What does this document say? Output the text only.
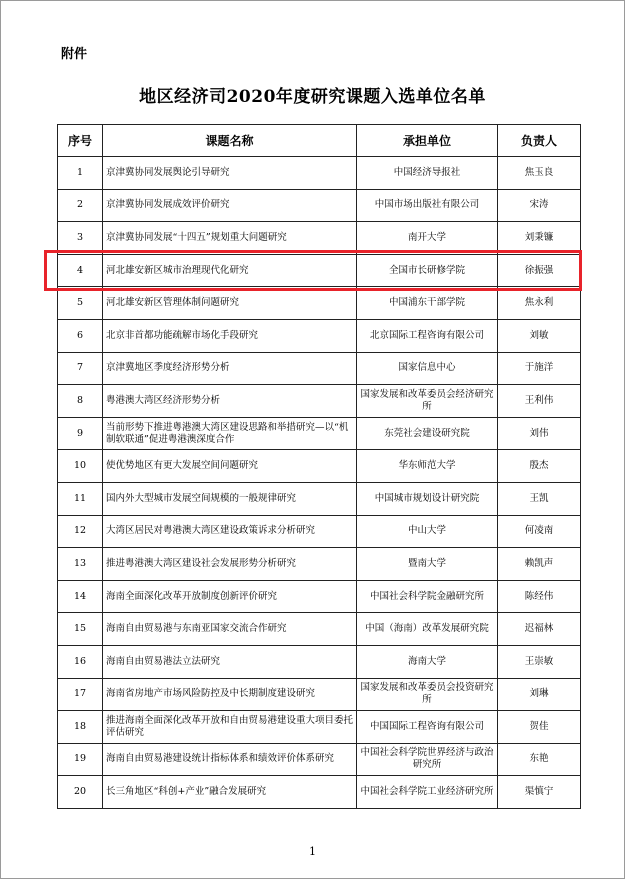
附件
地区经济司2020年度研究课题入选单位名单
序号	课题名称	承担单位	负责人
1	京津冀协同发展舆论引导研究	中国经济导报社	焦玉良
2	京津冀协同发展成效评价研究	中国市场出版社有限公司	宋涛
3	京津冀协同发展“十四五”规划重大问题研究	南开大学	刘秉镰
4	河北雄安新区城市治理现代化研究	全国市长研修学院	徐振强
5	河北雄安新区管理体制问题研究	中国浦东干部学院	焦永利
6	北京非首都功能疏解市场化手段研究	北京国际工程咨询有限公司	刘敏
7	京津冀地区季度经济形势分析	国家信息中心	于施洋
8	粤港澳大湾区经济形势分析	国家发展和改革委员会经济研究所	王利伟
9	当前形势下推进粤港澳大湾区建设思路和举措研究—以“机制软联通”促进粤港澳深度合作	东莞社会建设研究院	刘伟
10	使优势地区有更大发展空间问题研究	华东师范大学	殷杰
11	国内外大型城市发展空间规模的一般规律研究	中国城市规划设计研究院	王凯
12	大湾区居民对粤港澳大湾区建设政策诉求分析研究	中山大学	何凌南
13	推进粤港澳大湾区建设社会发展形势分析研究	暨南大学	赖凯声
14	海南全面深化改革开放制度创新评价研究	中国社会科学院金融研究所	陈经伟
15	海南自由贸易港与东南亚国家交流合作研究	中国（海南）改革发展研究院	迟福林
16	海南自由贸易港法立法研究	海南大学	王崇敏
17	海南省房地产市场风险防控及中长期制度建设研究	国家发展和改革委员会投资研究所	刘琳
18	推进海南全面深化改革开放和自由贸易港建设重大项目委托评估研究	中国国际工程咨询有限公司	贺佳
19	海南自由贸易港建设统计指标体系和绩效评价体系研究	中国社会科学院世界经济与政治研究所	东艳
20	长三角地区“科创+产业”融合发展研究	中国社会科学院工业经济研究所	渠慎宁
1
